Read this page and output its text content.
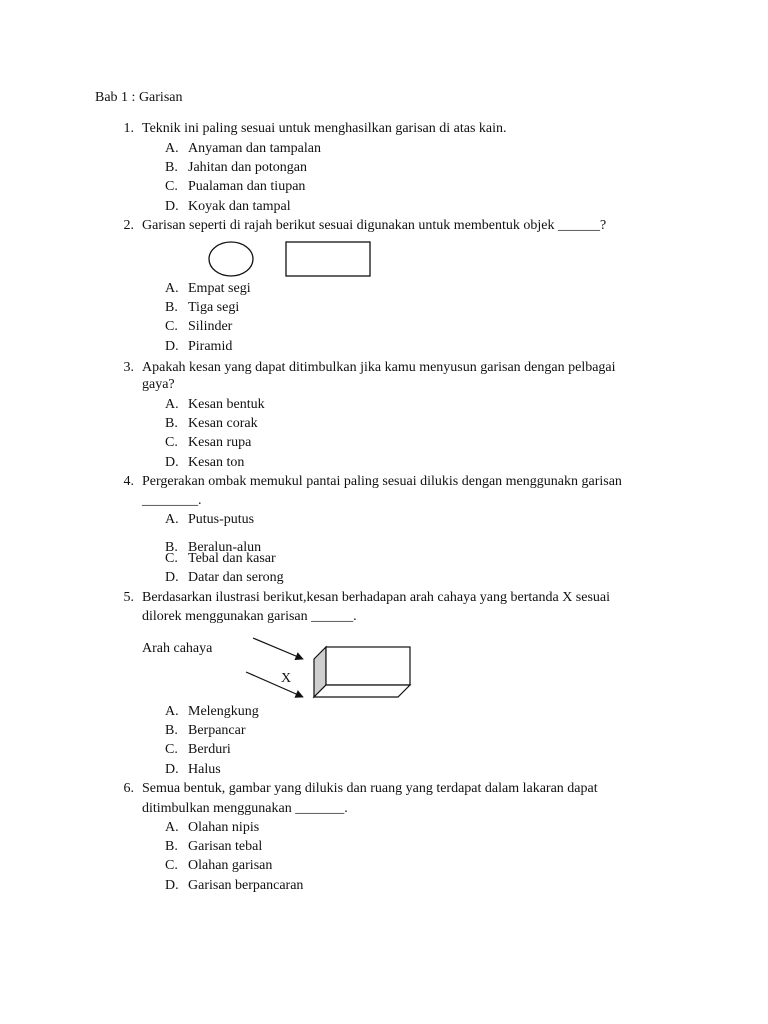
Bab 1 : Garisan
1. Teknik ini paling sesuai untuk menghasilkan garisan di atas kain.
A. Anyaman dan tampalan
B. Jahitan dan potongan
C. Pualaman dan tiupan
D. Koyak dan tampal
2. Garisan seperti di rajah berikut sesuai digunakan untuk membentuk objek ______?
A. Empat segi
B. Tiga segi
C. Silinder
D. Piramid
3. Apakah kesan yang dapat ditimbulkan jika kamu menyusun garisan dengan pelbagai
gaya?
A. Kesan bentuk
B. Kesan corak
C. Kesan rupa
D. Kesan ton
4. Pergerakan ombak memukul pantai paling sesuai dilukis dengan menggunakn garisan
________.
A. Putus-putus
B. Beralun-alun
C. Tebal dan kasar
D. Datar dan serong
5. Berdasarkan ilustrasi berikut,kesan berhadapan arah cahaya yang bertanda X sesuai
dilorek menggunakan garisan ______.
Arah cahaya
X
A. Melengkung
B. Berpancar
C. Berduri
D. Halus
6. Semua bentuk, gambar yang dilukis dan ruang yang terdapat dalam lakaran dapat
ditimbulkan menggunakan _______.
A. Olahan nipis
B. Garisan tebal
C. Olahan garisan
D. Garisan berpancaran
